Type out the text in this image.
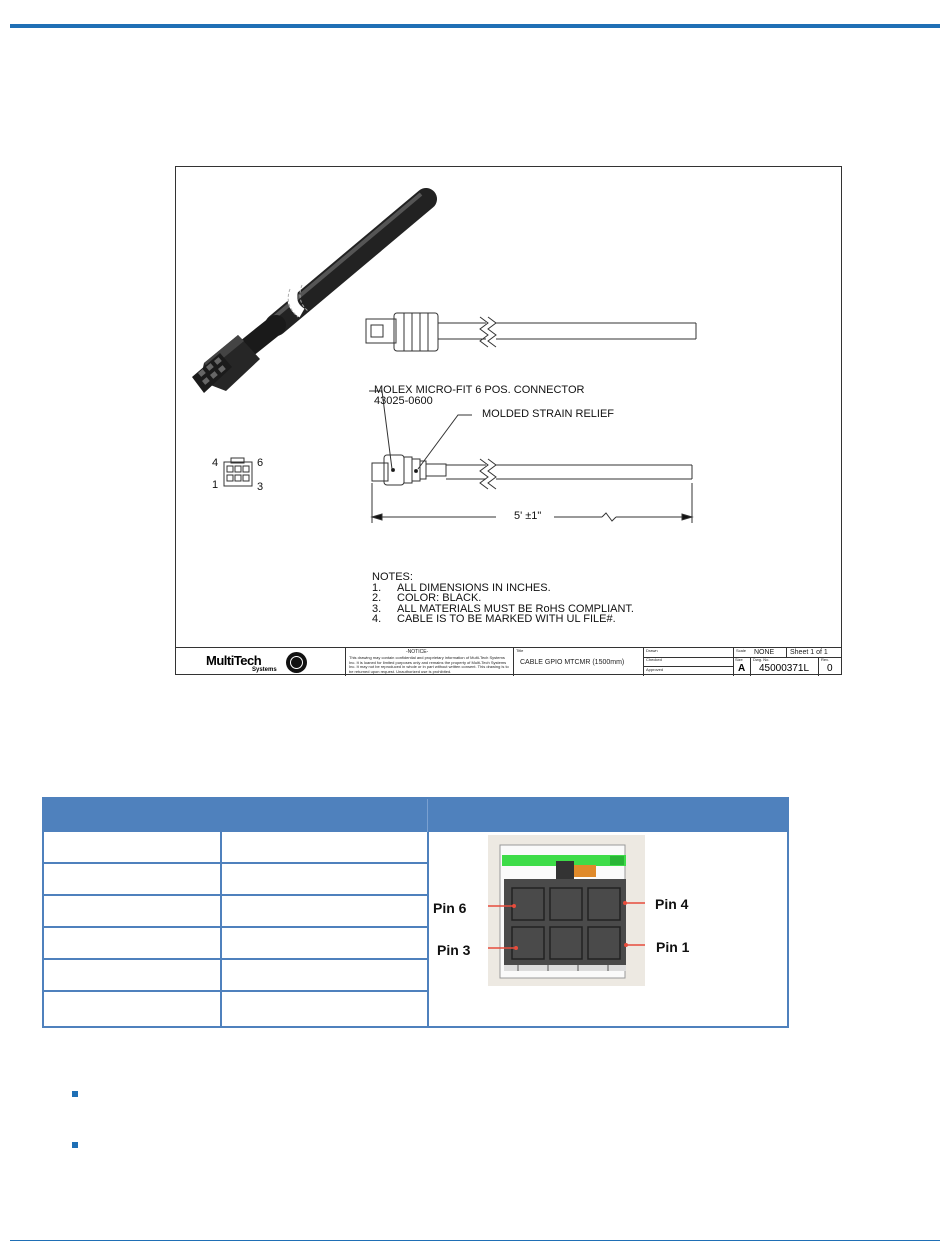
MOLEX MICRO-FIT 6 POS. CONNECTOR
43025-0600
MOLDED STRAIN RELIEF
5' ±1"
4	6
1	3
NOTES:
1.	ALL DIMENSIONS IN INCHES.
2.	COLOR: BLACK.
3.	ALL MATERIALS MUST BE RoHS COMPLIANT.
4.	CABLE IS TO BE MARKED WITH UL FILE#.
MultiTech
Systems
-NOTICE-
This drawing may contain confidential and proprietary information of Multi-Tech Systems Inc. It is loaned for limited purposes only and remains the property of Multi-Tech Systems Inc. It may not be reproduced in whole or in part without written consent. This drawing is to be returned upon request. Unauthorized use is prohibited.
Title
CABLE GPIO MTCMR (1500mm)
Drawn
Checked
Approved
Scale NONE Sheet 1 of 1
Size
A
Dwg. No.
45000371L
Rev.
0
Pin 6	Pin 4
Pin 3	Pin 1
